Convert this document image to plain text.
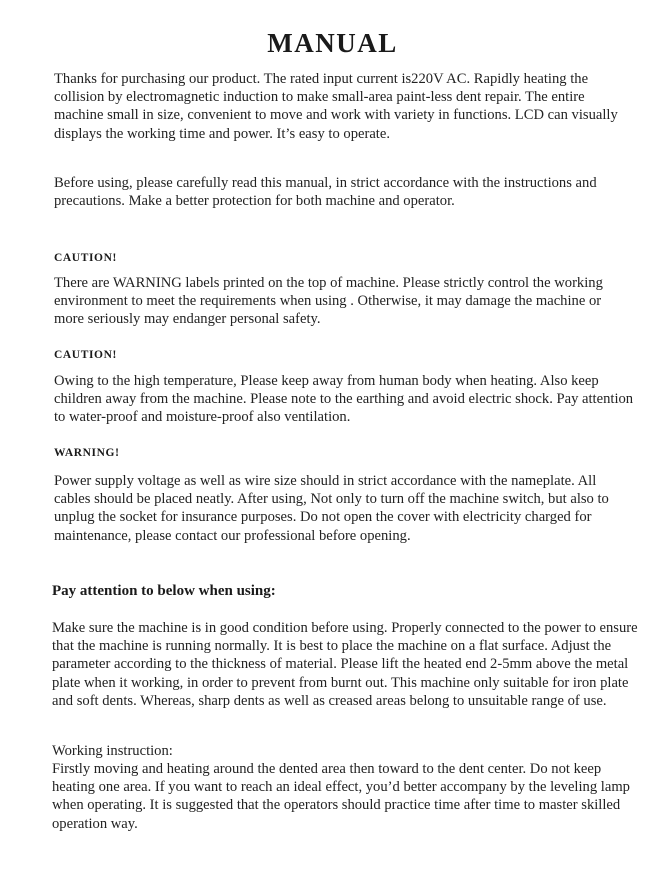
MANUAL

Thanks for purchasing our product. The rated input current is220V AC. Rapidly heating the collision by electromagnetic induction to make small-area paint-less dent repair. The entire machine small in size, convenient to move and work with variety in functions. LCD can visually displays the working time and power. It’s easy to operate.

Before using, please carefully read this manual, in strict accordance with the instructions and precautions. Make a better protection for both machine and operator.

CAUTION!

There are WARNING labels printed on the top of machine. Please strictly control the working environment to meet the requirements when using . Otherwise, it may damage the machine or more seriously may endanger personal safety.

CAUTION!

Owing to the high temperature, Please keep away from human body when heating. Also keep children away from the machine. Please note to the earthing and avoid electric shock. Pay attention to water-proof and moisture-proof also ventilation.

WARNING!

Power supply voltage as well as wire size should in strict accordance with the nameplate. All cables should be placed neatly. After using, Not only to turn off the machine switch, but also to unplug the socket for insurance purposes. Do not open the cover with electricity charged for maintenance, please contact our professional before opening.

Pay attention to below when using:

Make sure the machine is in good condition before using. Properly connected to the power to ensure that the machine is running normally. It is best to place the machine on a flat surface. Adjust the parameter according to the thickness of material. Please lift the heated end 2-5mm above the metal plate when it working, in order to prevent from burnt out. This machine only suitable for iron plate and soft dents. Whereas, sharp dents as well as creased areas belong to unsuitable range of use.

Working instruction:

Firstly moving and heating around the dented area then toward to the dent center. Do not keep heating one area. If you want to reach an ideal effect, you’d better accompany by the leveling lamp when operating. It is suggested that the operators should practice time after time to master skilled operation way.
